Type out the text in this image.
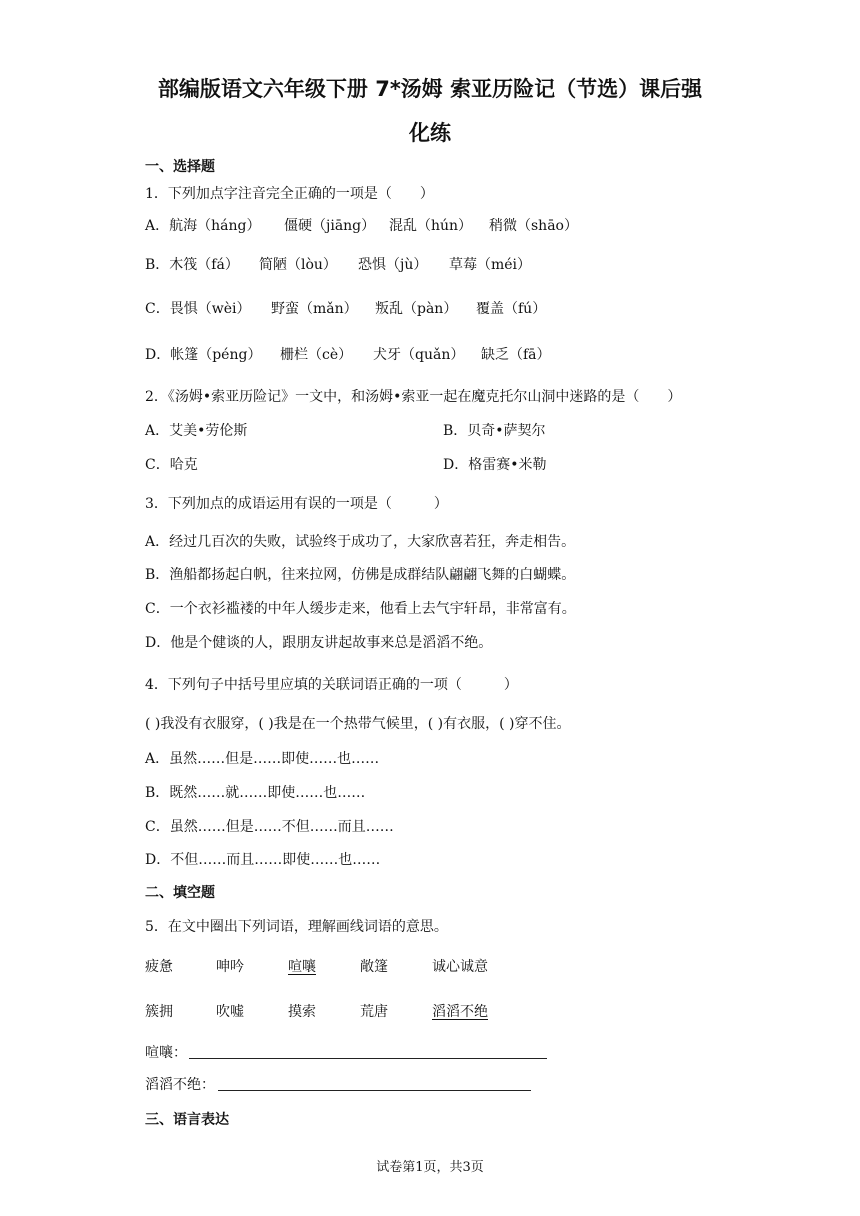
部编版语文六年级下册 7*汤姆 索亚历险记（节选）课后强
化练
一、选择题
1．下列加点字注音完全正确的一项是（　　）
A．航海（háng） 僵硬（jiāng） 混乱（hún） 稍微（shāo）
B．木筏（fá） 简陋（lòu） 恐惧（jù） 草莓（méi）
C．畏惧（wèi） 野蛮（mǎn） 叛乱（pàn） 覆盖（fú）
D．帐篷（péng） 栅栏（cè） 犬牙（quǎn） 缺乏（fā）
2．《汤姆•索亚历险记》一文中，和汤姆•索亚一起在魔克托尔山洞中迷路的是（　　）
A．艾美•劳伦斯	B．贝奇•萨契尔
C．哈克	D．格雷赛•米勒
3．下列加点的成语运用有误的一项是（　　　）
A．经过几百次的失败，试验终于成功了，大家欣喜若狂，奔走相告。
B．渔船都扬起白帆，往来拉网，仿佛是成群结队翩翩飞舞的白蝴蝶。
C．一个衣衫褴褛的中年人缓步走来，他看上去气宇轩昂，非常富有。
D．他是个健谈的人，跟朋友讲起故事来总是滔滔不绝。
4．下列句子中括号里应填的关联词语正确的一项（　　　）
( )我没有衣服穿，( )我是在一个热带气候里，( )有衣服，( )穿不住。
A．虽然……但是……即使……也……
B．既然……就……即使……也……
C．虽然……但是……不但……而且……
D．不但……而且……即使……也……
二、填空题
5．在文中圈出下列词语，理解画线词语的意思。
疲惫	呻吟	喧嚷	敞篷	诚心诚意
簇拥	吹嘘	摸索	荒唐	滔滔不绝
喧嚷：
滔滔不绝：
三、语言表达
试卷第1页，共3页
